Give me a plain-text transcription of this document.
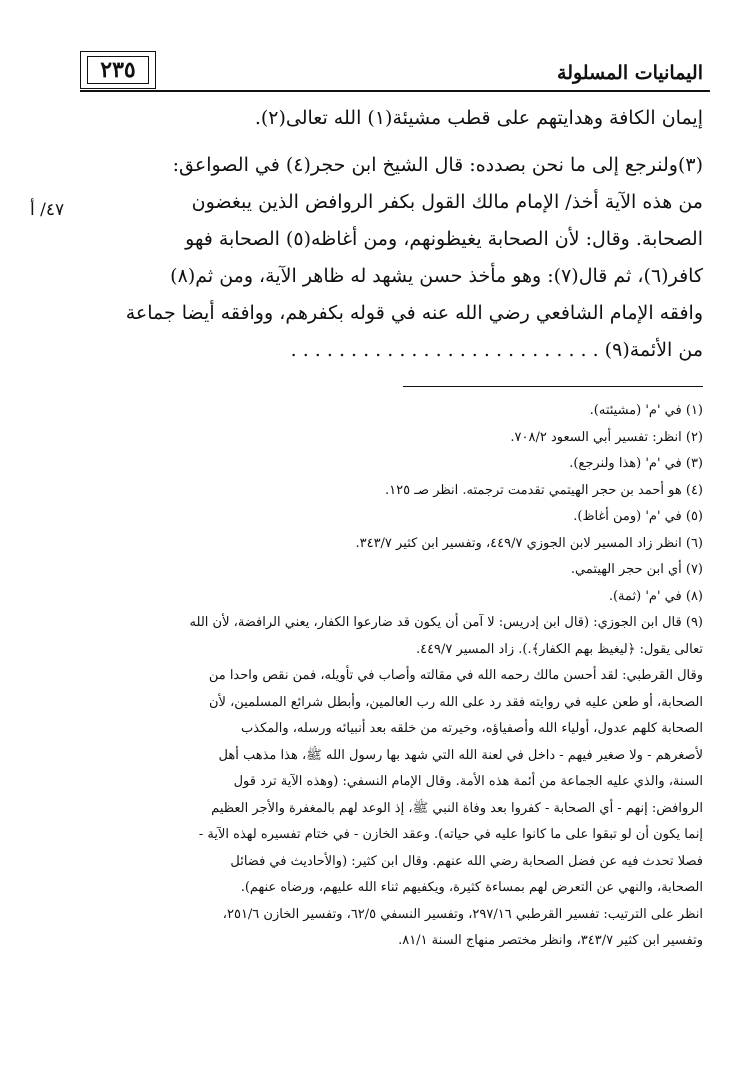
٢٣٥	اليمانيات المسلولة
٤٧/ أ

إيمان الكافة وهدايتهم على قطب مشيئة(١) الله تعالى(٢).

(٣)ولنرجع إلى ما نحن بصدده: قال الشيخ ابن حجر(٤) في الصواعق:

من هذه الآية أخذ/ الإمام مالك القول بكفر الروافض الذين يبغضون

الصحابة. وقال: لأن الصحابة يغيظونهم، ومن أغاظه(٥) الصحابة فهو

كافر(٦)، ثم قال(٧): وهو مأخذ حسن يشهد له ظاهر الآية، ومن ثم(٨)

وافقه الإمام الشافعي رضي الله عنه في قوله بكفرهم، ووافقه أيضا جماعة

من الأئمة(٩) . . . . . . . . . . . . . . . . . . . . . . . . . .

(١) في 'م' (مشيئته).

(٢) انظر: تفسير أبي السعود ٧٠٨/٢.

(٣) في 'م' (هذا ولنرجع).

(٤) هو أحمد بن حجر الهيتمي تقدمت ترجمته. انظر صـ ١٢٥.

(٥) في 'م' (ومن أغاظ).

(٦) انظر زاد المسير لابن الجوزي ٤٤٩/٧، وتفسير ابن كثير ٣٤٣/٧.

(٧) أي ابن حجر الهيتمي.

(٨) في 'م' (ثمة).

(٩) قال ابن الجوزي: (قال ابن إدريس: لا آمن أن يكون قد ضارعوا الكفار، يعني الرافضة، لأن الله

تعالى يقول: ﴿ليغيظ بهم الكفار﴾.). زاد المسير ٤٤٩/٧.

وقال القرطبي: لقد أحسن مالك رحمه الله في مقالته وأصاب في تأويله، فمن نقص واحدا من

الصحابة، أو طعن عليه في روايته فقد رد على الله رب العالمين، وأبطل شرائع المسلمين، لأن

الصحابة كلهم عدول، أولياء الله وأصفياؤه، وخيرته من خلقه بعد أنبيائه ورسله، والمكذب

لأصغرهم - ولا صغير فيهم - داخل في لعنة الله التي شهد بها رسول الله ﷺ، هذا مذهب أهل

السنة، والذي عليه الجماعة من أئمة هذه الأمة. وقال الإمام النسفي: (وهذه الآية ترد قول

الروافض: إنهم - أي الصحابة - كفروا بعد وفاة النبي ﷺ، إذ الوعد لهم بالمغفرة والأجر العظيم

إنما يكون أن لو تبقوا على ما كانوا عليه في حياته). وعقد الخازن - في ختام تفسيره لهذه الآية -

فصلا تحدث فيه عن فضل الصحابة رضي الله عنهم. وقال ابن كثير: (والأحاديث في فضائل

الصحابة، والنهي عن التعرض لهم بمساءة كثيرة، ويكفيهم ثناء الله عليهم، ورضاه عنهم).

انظر على الترتيب: تفسير القرطبي ٢٩٧/١٦، وتفسير النسفي ٦٢/٥، وتفسير الخازن ٢٥١/٦،

وتفسير ابن كثير ٣٤٣/٧، وانظر مختصر منهاج السنة ٨١/١.
